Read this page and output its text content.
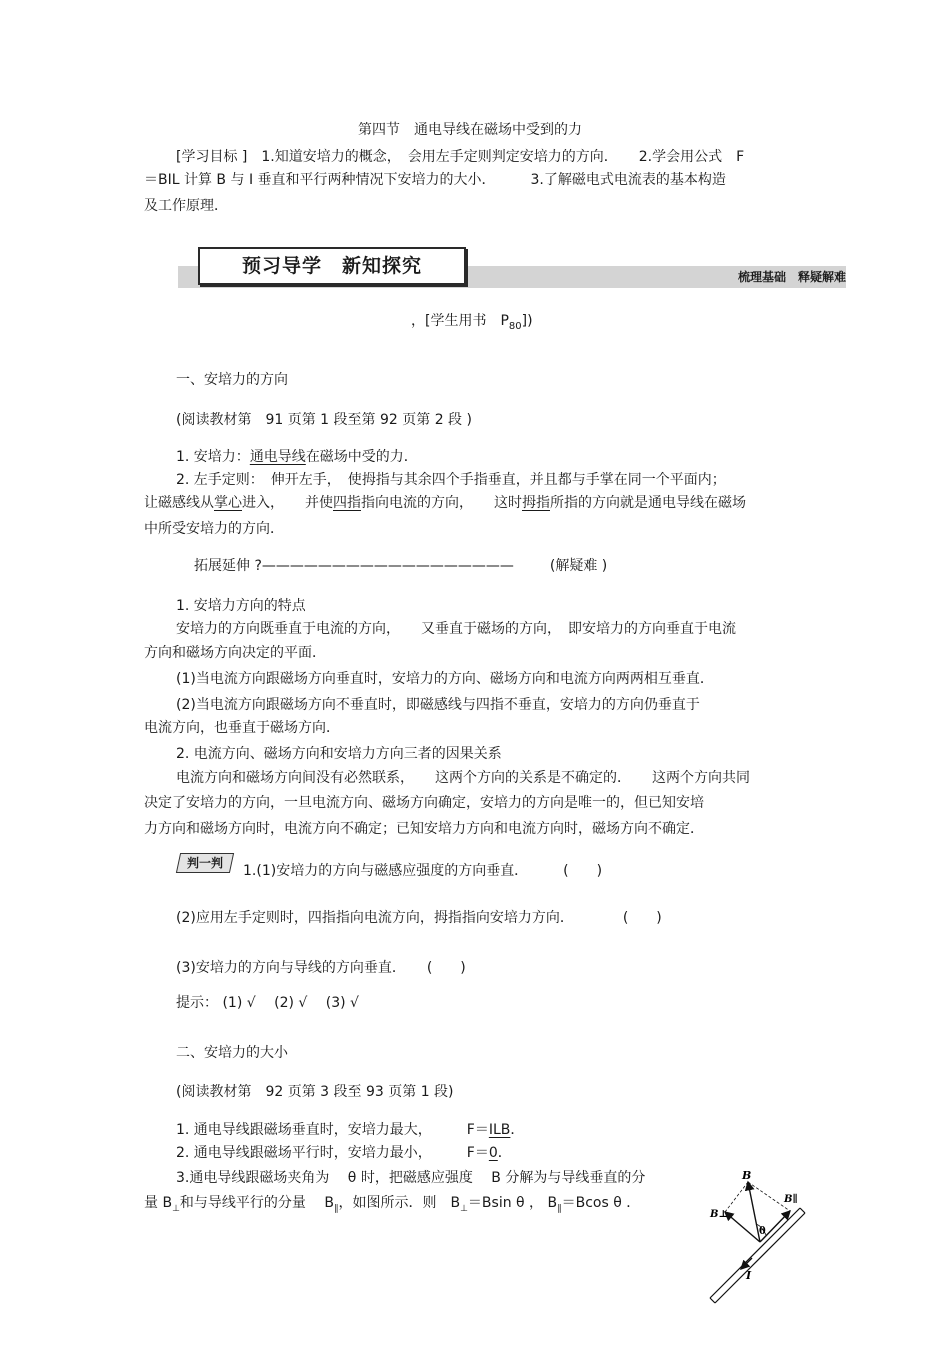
第四节　通电导线在磁场中受到的力
[学习目标 ]　1.知道安培力的概念，　会用左手定则判定安培力的方向．　　2.学会用公式　F
＝BIL 计算 B 与 I 垂直和平行两种情况下安培力的大小．　　　3.了解磁电式电流表的基本构造
及工作原理．
预习导学　新知探究	梳理基础　释疑解难
，[学生用书　$P_{80}$])
一、安培力的方向
(阅读教材第　91 页第 1 段至第 92 页第 2 段 )
1. 安培力：通电导线在磁场中受的力．
2. 左手定则：　伸开左手，　使拇指与其余四个手指垂直，并且都与手掌在同一个平面内；
让磁感线从掌心进入，　　并使四指指向电流的方向，　　这时拇指所指的方向就是通电导线在磁场
中所受安培力的方向．
拓展延伸 ?——————————————————	(解疑难 )
1. 安培力方向的特点
安培力的方向既垂直于电流的方向，　　又垂直于磁场的方向，　即安培力的方向垂直于电流
方向和磁场方向决定的平面．
(1)当电流方向跟磁场方向垂直时，安培力的方向、磁场方向和电流方向两两相互垂直．
(2)当电流方向跟磁场方向不垂直时，即磁感线与四指不垂直，安培力的方向仍垂直于
电流方向，也垂直于磁场方向．
2. 电流方向、磁场方向和安培力方向三者的因果关系
电流方向和磁场方向间没有必然联系，　　这两个方向的关系是不确定的．　　这两个方向共同
决定了安培力的方向，一旦电流方向、磁场方向确定，安培力的方向是唯一的，但已知安培
力方向和磁场方向时，电流方向不确定；已知安培力方向和电流方向时，磁场方向不确定．
判一判	1.(1)安培力的方向与磁感应强度的方向垂直．　　　(　　)
(2)应用左手定则时，四指指向电流方向，拇指指向安培力方向．　　　　(　　)
(3)安培力的方向与导线的方向垂直．　　(　　)
提示： (1) √　 (2) √　 (3) √
二、安培力的大小
(阅读教材第　92 页第 3 段至 93 页第 1 段)
1. 通电导线跟磁场垂直时，安培力最大，　　　F＝ILB．
2. 通电导线跟磁场平行时，安培力最小，　　　F＝0．
3.通电导线跟磁场夹角为　 θ 时，把磁感应强度　 B 分解为与导线垂直的分
量 $B_\perp$和与导线平行的分量　 $B_\parallel$，如图所示．则　$B_\perp=Bsin$ θ ， $B_\parallel=Bcos$ θ ．
B
B⊥
B∥
θ
I
